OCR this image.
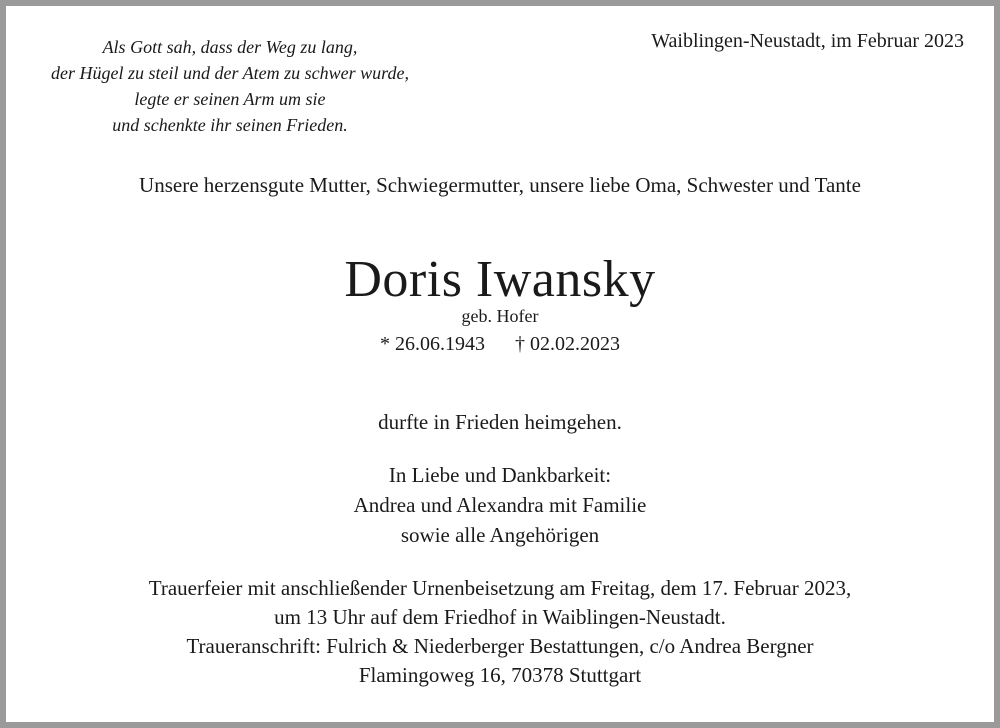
Als Gott sah, dass der Weg zu lang,
der Hügel zu steil und der Atem zu schwer wurde,
legte er seinen Arm um sie
und schenkte ihr seinen Frieden.
Waiblingen-Neustadt, im Februar 2023
Unsere herzensgute Mutter, Schwiegermutter, unsere liebe Oma, Schwester und Tante
Doris Iwansky
geb. Hofer
* 26.06.1943 † 02.02.2023
durfte in Frieden heimgehen.
In Liebe und Dankbarkeit:
Andrea und Alexandra mit Familie
sowie alle Angehörigen
Trauerfeier mit anschließender Urnenbeisetzung am Freitag, dem 17. Februar 2023,
um 13 Uhr auf dem Friedhof in Waiblingen-Neustadt.
Traueranschrift: Fulrich & Niederberger Bestattungen, c/o Andrea Bergner
Flamingoweg 16, 70378 Stuttgart
